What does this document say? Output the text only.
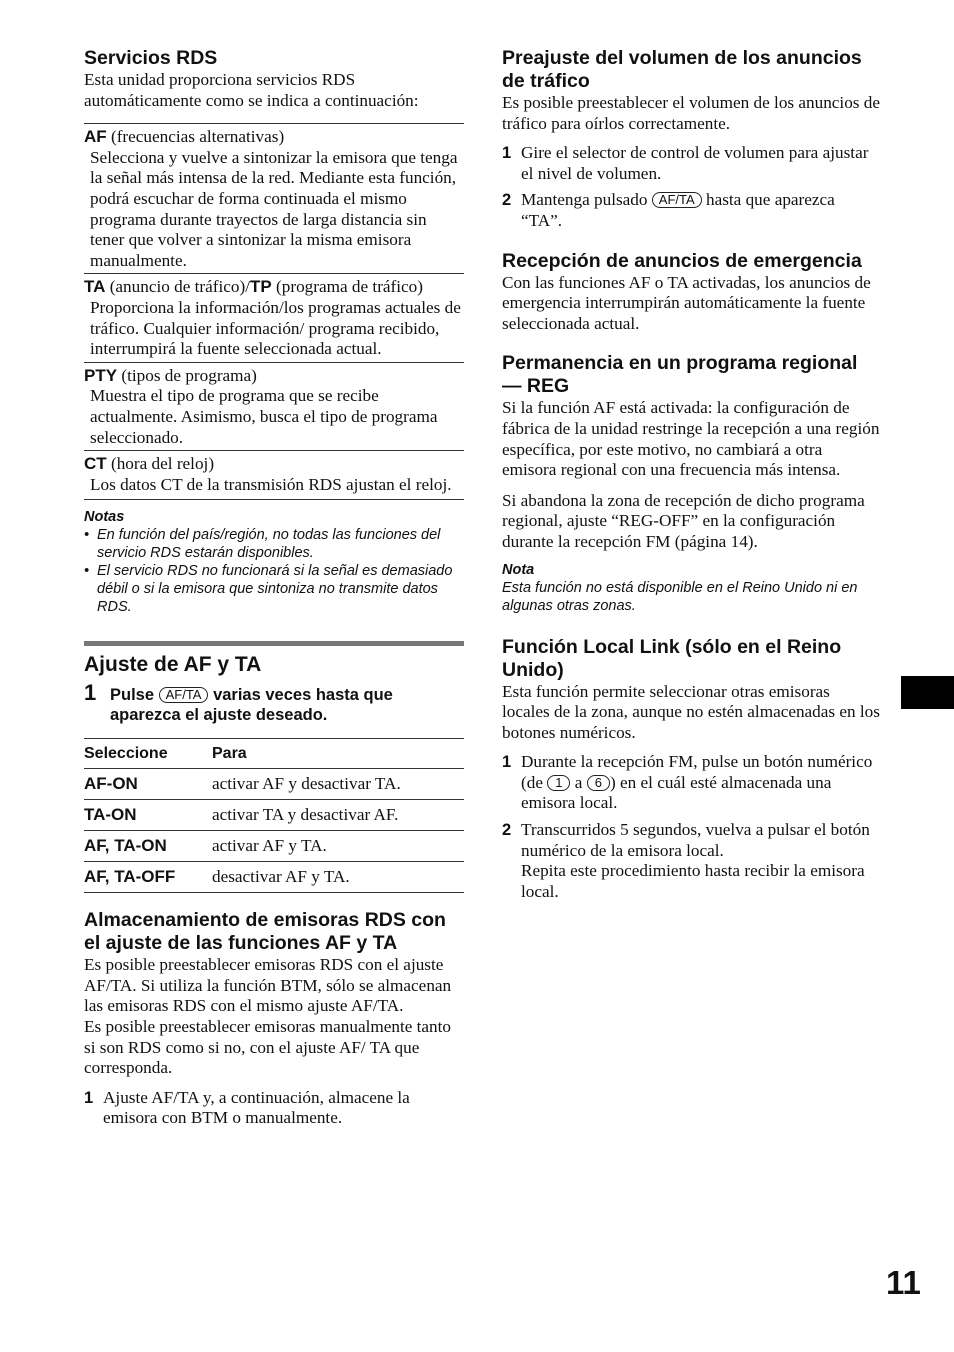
Servicios RDS
Esta unidad proporciona servicios RDS automáticamente como se indica a continuación:
AF (frecuencias alternativas)
Selecciona y vuelve a sintonizar la emisora que tenga la señal más intensa de la red. Mediante esta función, podrá escuchar de forma continuada el mismo programa durante trayectos de larga distancia sin tener que volver a sintonizar la misma emisora manualmente.
TA (anuncio de tráfico)/TP (programa de tráfico)
Proporciona la información/los programas actuales de tráfico. Cualquier información/ programa recibido, interrumpirá la fuente seleccionada actual.
PTY (tipos de programa)
Muestra el tipo de programa que se recibe actualmente. Asimismo, busca el tipo de programa seleccionado.
CT (hora del reloj)
Los datos CT de la transmisión RDS ajustan el reloj.
Notas
• En función del país/región, no todas las funciones del servicio RDS estarán disponibles.
• El servicio RDS no funcionará si la señal es demasiado débil o si la emisora que sintoniza no transmite datos RDS.
Ajuste de AF y TA
1 Pulse AF/TA varias veces hasta que aparezca el ajuste deseado.
Seleccione	Para
AF-ON	activar AF y desactivar TA.
TA-ON	activar TA y desactivar AF.
AF, TA-ON	activar AF y TA.
AF, TA-OFF	desactivar AF y TA.
Almacenamiento de emisoras RDS con el ajuste de las funciones AF y TA
Es posible preestablecer emisoras RDS con el ajuste AF/TA. Si utiliza la función BTM, sólo se almacenan las emisoras RDS con el mismo ajuste AF/TA.
Es posible preestablecer emisoras manualmente tanto si son RDS como si no, con el ajuste AF/ TA que corresponda.
1 Ajuste AF/TA y, a continuación, almacene la emisora con BTM o manualmente.
Preajuste del volumen de los anuncios de tráfico
Es posible preestablecer el volumen de los anuncios de tráfico para oírlos correctamente.
1 Gire el selector de control de volumen para ajustar el nivel de volumen.
2 Mantenga pulsado AF/TA hasta que aparezca “TA”.
Recepción de anuncios de emergencia
Con las funciones AF o TA activadas, los anuncios de emergencia interrumpirán automáticamente la fuente seleccionada actual.
Permanencia en un programa regional — REG
Si la función AF está activada: la configuración de fábrica de la unidad restringe la recepción a una región específica, por este motivo, no cambiará a otra emisora regional con una frecuencia más intensa.
Si abandona la zona de recepción de dicho programa regional, ajuste “REG-OFF” en la configuración durante la recepción FM (página 14).
Nota
Esta función no está disponible en el Reino Unido ni en algunas otras zonas.
Función Local Link (sólo en el Reino Unido)
Esta función permite seleccionar otras emisoras locales de la zona, aunque no estén almacenadas en los botones numéricos.
1 Durante la recepción FM, pulse un botón numérico (de 1 a 6 ) en el cuál esté almacenada una emisora local.
2 Transcurridos 5 segundos, vuelva a pulsar el botón numérico de la emisora local.
Repita este procedimiento hasta recibir la emisora local.
11
